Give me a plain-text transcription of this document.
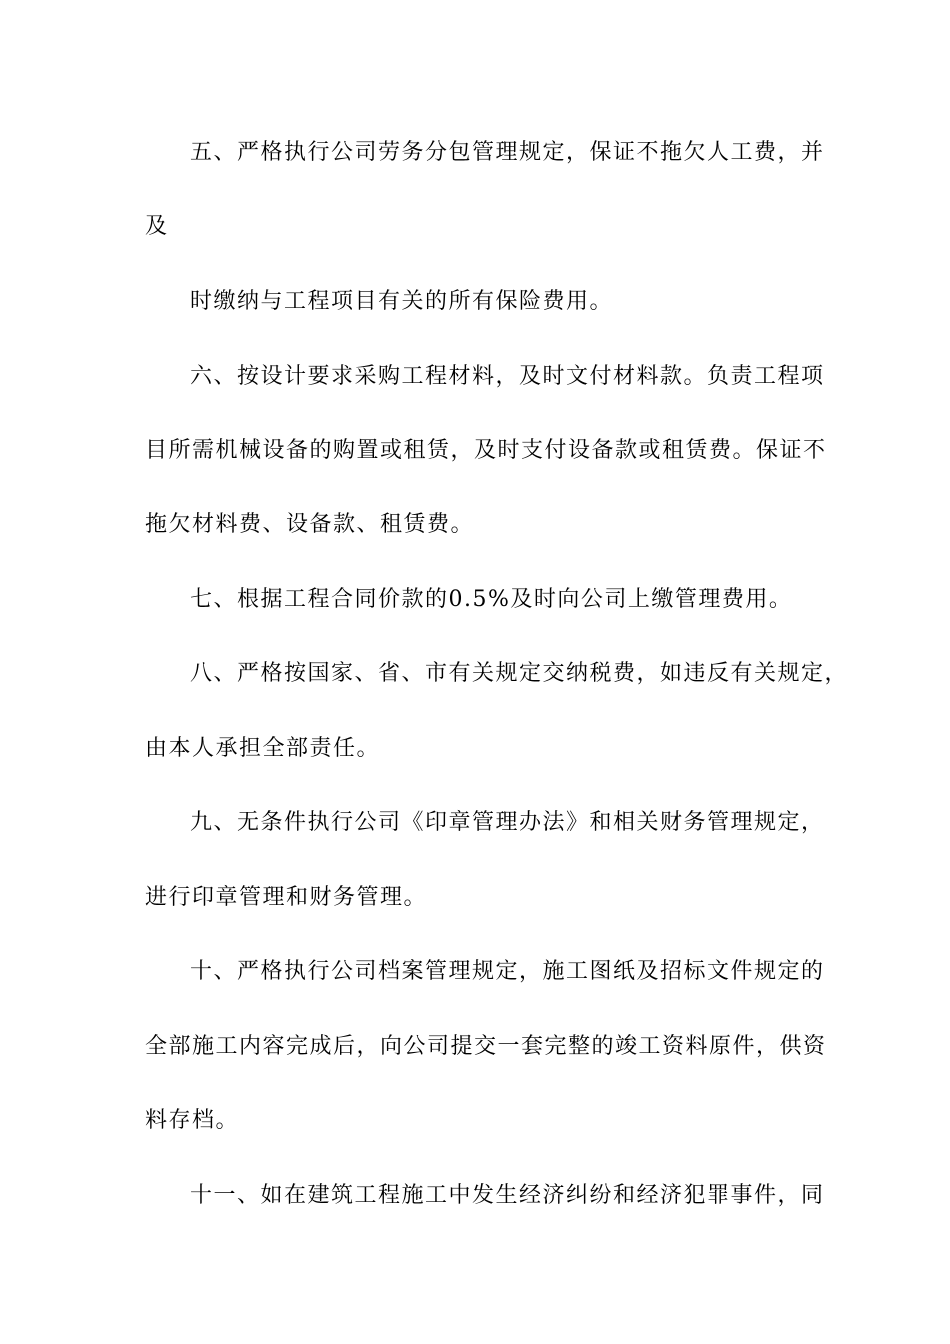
五、严格执行公司劳务分包管理规定，保证不拖欠人工费，并
及
时缴纳与工程项目有关的所有保险费用。
六、按设计要求采购工程材料，及时文付材料款。负责工程项
目所需机械设备的购置或租赁，及时支付设备款或租赁费。保证不
拖欠材料费、设备款、租赁费。
七、根据工程合同价款的0.5%及时向公司上缴管理费用。
八、严格按国家、省、市有关规定交纳税费，如违反有关规定，
由本人承担全部责任。
九、无条件执行公司《印章管理办法》和相关财务管理规定，
进行印章管理和财务管理。
十、严格执行公司档案管理规定，施工图纸及招标文件规定的
全部施工内容完成后，向公司提交一套完整的竣工资料原件，供资
料存档。
十一、如在建筑工程施工中发生经济纠纷和经济犯罪事件，同
